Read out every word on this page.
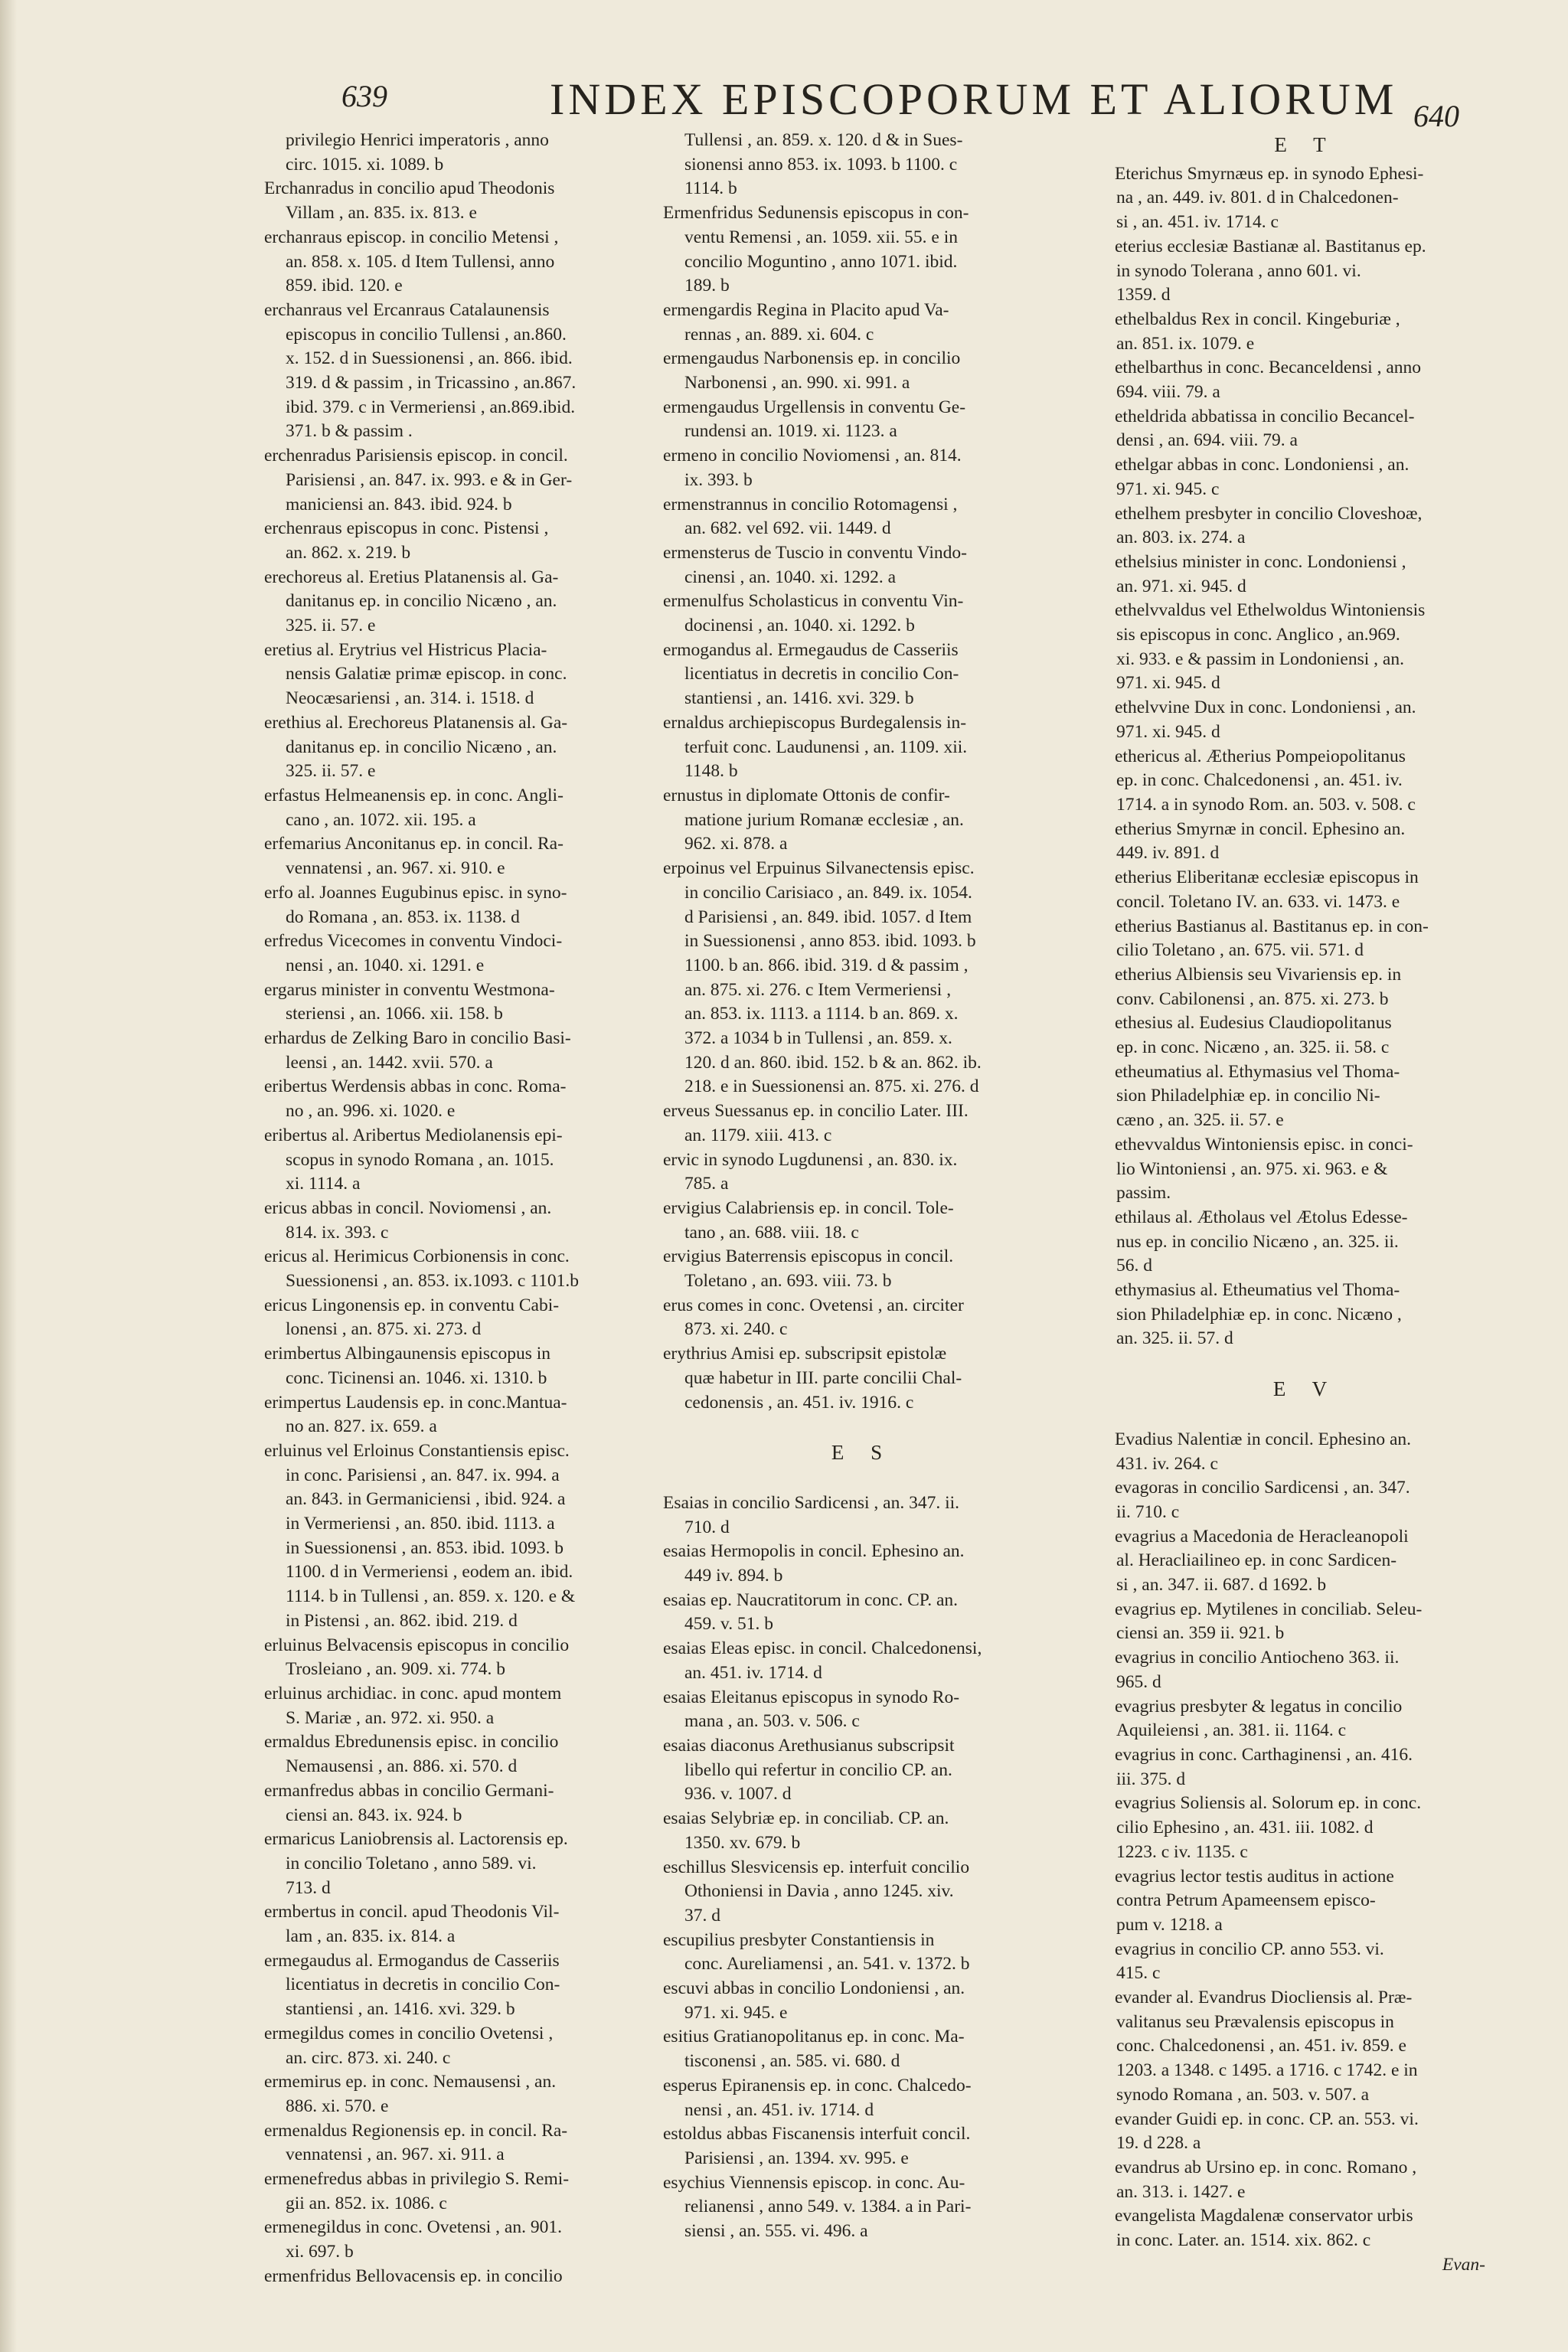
639	INDEX EPISCOPORUM ET ALIORUM 640
privilegio Henrici imperatoris , anno
circ. 1015. xi. 1089. b
Erchanradus in concilio apud Theodonis
Villam , an. 835. ix. 813. e
erchanraus episcop. in concilio Metensi ,
an. 858. x. 105. d Item Tullensi, anno
859. ibid. 120. e
erchanraus vel Ercanraus Catalaunensis
episcopus in concilio Tullensi , an.860.
x. 152. d in Suessionensi , an. 866. ibid.
319. d & passim , in Tricassino , an.867.
ibid. 379. c in Vermeriensi , an.869.ibid.
371. b & passim .
erchenradus Parisiensis episcop. in concil.
Parisiensi , an. 847. ix. 993. e & in Ger-
maniciensi an. 843. ibid. 924. b
erchenraus episcopus in conc. Pistensi ,
an. 862. x. 219. b
erechoreus al. Eretius Platanensis al. Ga-
danitanus ep. in concilio Nicæno , an.
325. ii. 57. e
eretius al. Erytrius vel Histricus Placia-
nensis Galatiæ primæ episcop. in conc.
Neocæsariensi , an. 314. i. 1518. d
erethius al. Erechoreus Platanensis al. Ga-
danitanus ep. in concilio Nicæno , an.
325. ii. 57. e
erfastus Helmeanensis ep. in conc. Angli-
cano , an. 1072. xii. 195. a
erfemarius Anconitanus ep. in concil. Ra-
vennatensi , an. 967. xi. 910. e
erfo al. Joannes Eugubinus episc. in syno-
do Romana , an. 853. ix. 1138. d
erfredus Vicecomes in conventu Vindoci-
nensi , an. 1040. xi. 1291. e
ergarus minister in conventu Westmona-
steriensi , an. 1066. xii. 158. b
erhardus de Zelking Baro in concilio Basi-
leensi , an. 1442. xvii. 570. a
eribertus Werdensis abbas in conc. Roma-
no , an. 996. xi. 1020. e
eribertus al. Aribertus Mediolanensis epi-
scopus in synodo Romana , an. 1015.
xi. 1114. a
ericus abbas in concil. Noviomensi , an.
814. ix. 393. c
ericus al. Herimicus Corbionensis in conc.
Suessionensi , an. 853. ix.1093. c 1101.b
ericus Lingonensis ep. in conventu Cabi-
lonensi , an. 875. xi. 273. d
erimbertus Albingaunensis episcopus in
conc. Ticinensi an. 1046. xi. 1310. b
erimpertus Laudensis ep. in conc.Mantua-
no an. 827. ix. 659. a
erluinus vel Erloinus Constantiensis episc.
in conc. Parisiensi , an. 847. ix. 994. a
an. 843. in Germaniciensi , ibid. 924. a
in Vermeriensi , an. 850. ibid. 1113. a
in Suessionensi , an. 853. ibid. 1093. b
1100. d in Vermeriensi , eodem an. ibid.
1114. b in Tullensi , an. 859. x. 120. e &
in Pistensi , an. 862. ibid. 219. d
erluinus Belvacensis episcopus in concilio
Trosleiano , an. 909. xi. 774. b
erluinus archidiac. in conc. apud montem
S. Mariæ , an. 972. xi. 950. a
ermaldus Ebredunensis episc. in concilio
Nemausensi , an. 886. xi. 570. d
ermanfredus abbas in concilio Germani-
ciensi an. 843. ix. 924. b
ermaricus Laniobrensis al. Lactorensis ep.
in concilio Toletano , anno 589. vi.
713. d
ermbertus in concil. apud Theodonis Vil-
lam , an. 835. ix. 814. a
ermegaudus al. Ermogandus de Casseriis
licentiatus in decretis in concilio Con-
stantiensi , an. 1416. xvi. 329. b
ermegildus comes in concilio Ovetensi ,
an. circ. 873. xi. 240. c
ermemirus ep. in conc. Nemausensi , an.
886. xi. 570. e
ermenaldus Regionensis ep. in concil. Ra-
vennatensi , an. 967. xi. 911. a
ermenefredus abbas in privilegio S. Remi-
gii an. 852. ix. 1086. c
ermenegildus in conc. Ovetensi , an. 901.
xi. 697. b
ermenfridus Bellovacensis ep. in concilio
Tullensi , an. 859. x. 120. d & in Sues-
sionensi anno 853. ix. 1093. b 1100. c
1114. b
Ermenfridus Sedunensis episcopus in con-
ventu Remensi , an. 1059. xii. 55. e in
concilio Moguntino , anno 1071. ibid.
189. b
ermengardis Regina in Placito apud Va-
rennas , an. 889. xi. 604. c
ermengaudus Narbonensis ep. in concilio
Narbonensi , an. 990. xi. 991. a
ermengaudus Urgellensis in conventu Ge-
rundensi an. 1019. xi. 1123. a
ermeno in concilio Noviomensi , an. 814.
ix. 393. b
ermenstrannus in concilio Rotomagensi ,
an. 682. vel 692. vii. 1449. d
ermensterus de Tuscio in conventu Vindo-
cinensi , an. 1040. xi. 1292. a
ermenulfus Scholasticus in conventu Vin-
docinensi , an. 1040. xi. 1292. b
ermogandus al. Ermegaudus de Casseriis
licentiatus in decretis in concilio Con-
stantiensi , an. 1416. xvi. 329. b
ernaldus archiepiscopus Burdegalensis in-
terfuit conc. Laudunensi , an. 1109. xii.
1148. b
ernustus in diplomate Ottonis de confir-
matione jurium Romanæ ecclesiæ , an.
962. xi. 878. a
erpoinus vel Erpuinus Silvanectensis episc.
in concilio Carisiaco , an. 849. ix. 1054.
d Parisiensi , an. 849. ibid. 1057. d Item
in Suessionensi , anno 853. ibid. 1093. b
1100. b an. 866. ibid. 319. d & passim ,
an. 875. xi. 276. c Item Vermeriensi ,
an. 853. ix. 1113. a 1114. b an. 869. x.
372. a 1034 b in Tullensi , an. 859. x.
120. d an. 860. ibid. 152. b & an. 862. ib.
218. e in Suessionensi an. 875. xi. 276. d
erveus Suessanus ep. in concilio Later. III.
an. 1179. xiii. 413. c
ervic in synodo Lugdunensi , an. 830. ix.
785. a
ervigius Calabriensis ep. in concil. Tole-
tano , an. 688. viii. 18. c
ervigius Baterrensis episcopus in concil.
Toletano , an. 693. viii. 73. b
erus comes in conc. Ovetensi , an. circiter
873. xi. 240. c
erythrius Amisi ep. subscripsit epistolæ
quæ habetur in III. parte concilii Chal-
cedonensis , an. 451. iv. 1916. c
E S
Esaias in concilio Sardicensi , an. 347. ii.
710. d
esaias Hermopolis in concil. Ephesino an.
449 iv. 894. b
esaias ep. Naucratitorum in conc. CP. an.
459. v. 51. b
esaias Eleas episc. in concil. Chalcedonensi,
an. 451. iv. 1714. d
esaias Eleitanus episcopus in synodo Ro-
mana , an. 503. v. 506. c
esaias diaconus Arethusianus subscripsit
libello qui refertur in concilio CP. an.
936. v. 1007. d
esaias Selybriæ ep. in conciliab. CP. an.
1350. xv. 679. b
eschillus Slesvicensis ep. interfuit concilio
Othoniensi in Davia , anno 1245. xiv.
37. d
escupilius presbyter Constantiensis in
conc. Aureliamensi , an. 541. v. 1372. b
escuvi abbas in concilio Londoniensi , an.
971. xi. 945. e
esitius Gratianopolitanus ep. in conc. Ma-
tisconensi , an. 585. vi. 680. d
esperus Epiranensis ep. in conc. Chalcedo-
nensi , an. 451. iv. 1714. d
estoldus abbas Fiscanensis interfuit concil.
Parisiensi , an. 1394. xv. 995. e
esychius Viennensis episcop. in conc. Au-
relianensi , anno 549. v. 1384. a in Pari-
siensi , an. 555. vi. 496. a
E T
Eterichus Smyrnæus ep. in synodo Ephesi-
na , an. 449. iv. 801. d in Chalcedonen-
si , an. 451. iv. 1714. c
eterius ecclesiæ Bastianæ al. Bastitanus ep.
in synodo Tolerana , anno 601. vi.
1359. d
ethelbaldus Rex in concil. Kingeburiæ ,
an. 851. ix. 1079. e
ethelbarthus in conc. Becanceldensi , anno
694. viii. 79. a
etheldrida abbatissa in concilio Becancel-
densi , an. 694. viii. 79. a
ethelgar abbas in conc. Londoniensi , an.
971. xi. 945. c
ethelhem presbyter in concilio Cloveshoæ,
an. 803. ix. 274. a
ethelsius minister in conc. Londoniensi ,
an. 971. xi. 945. d
ethelvvaldus vel Ethelwoldus Wintoniensis
sis episcopus in conc. Anglico , an.969.
xi. 933. e & passim in Londoniensi , an.
971. xi. 945. d
ethelvvine Dux in conc. Londoniensi , an.
971. xi. 945. d
ethericus al. Ætherius Pompeiopolitanus
ep. in conc. Chalcedonensi , an. 451. iv.
1714. a in synodo Rom. an. 503. v. 508. c
etherius Smyrnæ in concil. Ephesino an.
449. iv. 891. d
etherius Eliberitanæ ecclesiæ episcopus in
concil. Toletano IV. an. 633. vi. 1473. e
etherius Bastianus al. Bastitanus ep. in con-
cilio Toletano , an. 675. vii. 571. d
etherius Albiensis seu Vivariensis ep. in
conv. Cabilonensi , an. 875. xi. 273. b
ethesius al. Eudesius Claudiopolitanus
ep. in conc. Nicæno , an. 325. ii. 58. c
etheumatius al. Ethymasius vel Thoma-
sion Philadelphiæ ep. in concilio Ni-
cæno , an. 325. ii. 57. e
ethevvaldus Wintoniensis episc. in conci-
lio Wintoniensi , an. 975. xi. 963. e &
passim.
ethilaus al. Ætholaus vel Ætolus Edesse-
nus ep. in concilio Nicæno , an. 325. ii.
56. d
ethymasius al. Etheumatius vel Thoma-
sion Philadelphiæ ep. in conc. Nicæno ,
an. 325. ii. 57. d
E V
Evadius Nalentiæ in concil. Ephesino an.
431. iv. 264. c
evagoras in concilio Sardicensi , an. 347.
ii. 710. c
evagrius a Macedonia de Heracleanopoli
al. Heracliailineo ep. in conc Sardicen-
si , an. 347. ii. 687. d 1692. b
evagrius ep. Mytilenes in conciliab. Seleu-
ciensi an. 359 ii. 921. b
evagrius in concilio Antiocheno 363. ii.
965. d
evagrius presbyter & legatus in concilio
Aquileiensi , an. 381. ii. 1164. c
evagrius in conc. Carthaginensi , an. 416.
iii. 375. d
evagrius Soliensis al. Solorum ep. in conc.
cilio Ephesino , an. 431. iii. 1082. d
1223. c iv. 1135. c
evagrius lector testis auditus in actione
contra Petrum Apameensem episco-
pum v. 1218. a
evagrius in concilio CP. anno 553. vi.
415. c
evander al. Evandrus Diocliensis al. Præ-
valitanus seu Prævalensis episcopus in
conc. Chalcedonensi , an. 451. iv. 859. e
1203. a 1348. c 1495. a 1716. c 1742. e in
synodo Romana , an. 503. v. 507. a
evander Guidi ep. in conc. CP. an. 553. vi.
19. d 228. a
evandrus ab Ursino ep. in conc. Romano ,
an. 313. i. 1427. e
evangelista Magdalenæ conservator urbis
in conc. Later. an. 1514. xix. 862. c
Evan-
